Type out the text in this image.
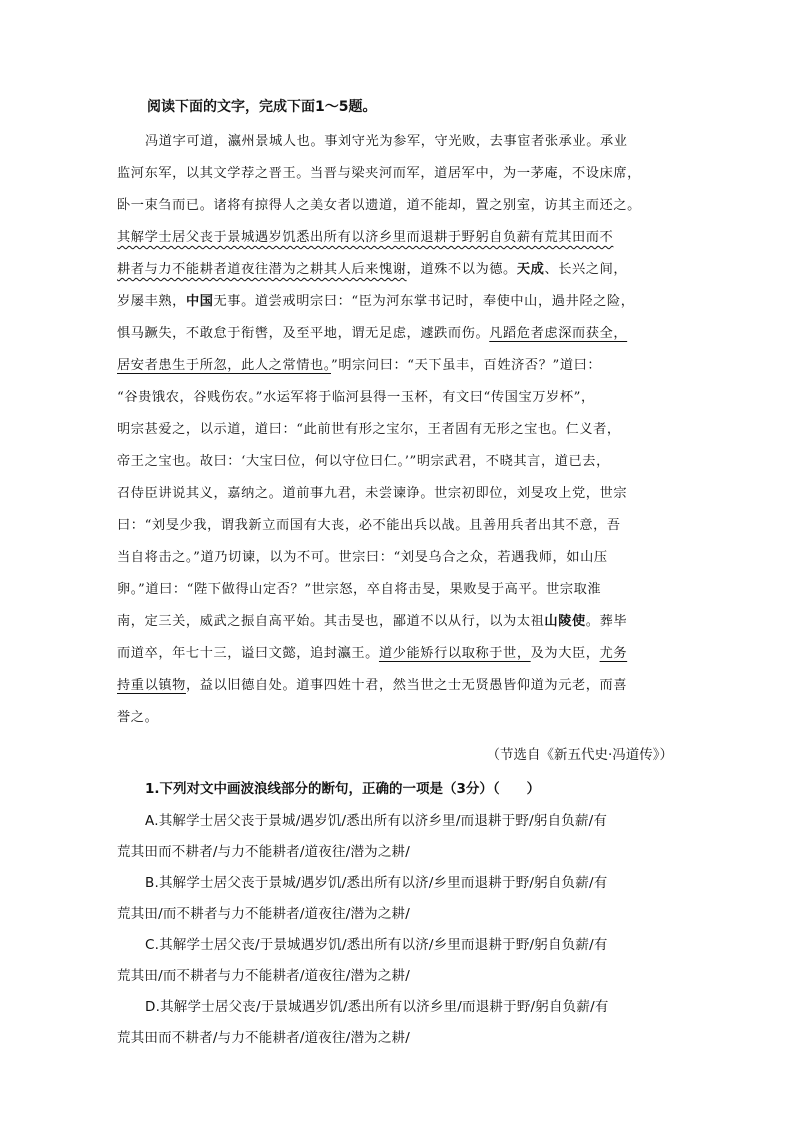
阅读下面的文字，完成下面1～5题。
冯道字可道，瀛州景城人也。事刘守光为参军，守光败，去事宦者张承业。承业
监河东军，以其文学荐之晋王。当晋与梁夹河而军，道居军中，为一茅庵，不设床席，
卧一束刍而已。诸将有掠得人之美女者以遗道，道不能却，置之别室，访其主而还之。
其解学士居父丧于景城遇岁饥悉出所有以济乡里而退耕于野躬自负薪有荒其田而不
耕者与力不能耕者道夜往潜为之耕其人后来愧谢，道殊不以为德。天成、长兴之间，
岁屡丰熟，中国无事。道尝戒明宗曰：“臣为河东掌书记时，奉使中山，過井陉之险，
惧马蹶失，不敢怠于衔辔，及至平地，谓无足虑，遽跌而伤。凡蹈危者虑深而获全，
居安者患生于所忽，此人之常情也。”明宗问曰：“天下虽丰，百姓济否？”道曰：
“谷贵饿农，谷贱伤农。”水运军将于临河县得一玉杯，有文曰“传国宝万岁杯”，
明宗甚爱之，以示道，道曰：“此前世有形之宝尔，王者固有无形之宝也。仁义者，
帝王之宝也。故曰：‘大宝曰位，何以守位曰仁。’”明宗武君，不晓其言，道已去，
召侍臣讲说其义，嘉纳之。道前事九君，未尝谏诤。世宗初即位，刘旻攻上党，世宗
曰：“刘旻少我，谓我新立而国有大丧，必不能出兵以战。且善用兵者出其不意，吾
当自将击之。”道乃切谏，以为不可。世宗曰：“刘旻乌合之众，若遇我师，如山压
卵。”道曰：“陛下做得山定否？”世宗怒，卒自将击旻，果败旻于高平。世宗取淮
南，定三关，威武之振自高平始。其击旻也，鄙道不以从行，以为太祖山陵使。葬毕
而道卒，年七十三，谥曰文懿，追封瀛王。道少能矫行以取称于世，及为大臣，尤务
持重以镇物，益以旧德自处。道事四姓十君，然当世之士无贤愚皆仰道为元老，而喜
誉之。
（节选自《新五代史·冯道传》）
1.下列对文中画波浪线部分的断句，正确的一项是（3分）（　　）
A.其解学士居父丧于景城/遇岁饥/悉出所有以济乡里/而退耕于野/躬自负薪/有
荒其田而不耕者/与力不能耕者/道夜往/潜为之耕/
B.其解学士居父丧于景城/遇岁饥/悉出所有以济/乡里而退耕于野/躬自负薪/有
荒其田/而不耕者与力不能耕者/道夜往/潜为之耕/
C.其解学士居父丧/于景城遇岁饥/悉出所有以济/乡里而退耕于野/躬自负薪/有
荒其田/而不耕者与力不能耕者/道夜往/潜为之耕/
D.其解学士居父丧/于景城遇岁饥/悉出所有以济乡里/而退耕于野/躬自负薪/有
荒其田而不耕者/与力不能耕者/道夜往/潜为之耕/
